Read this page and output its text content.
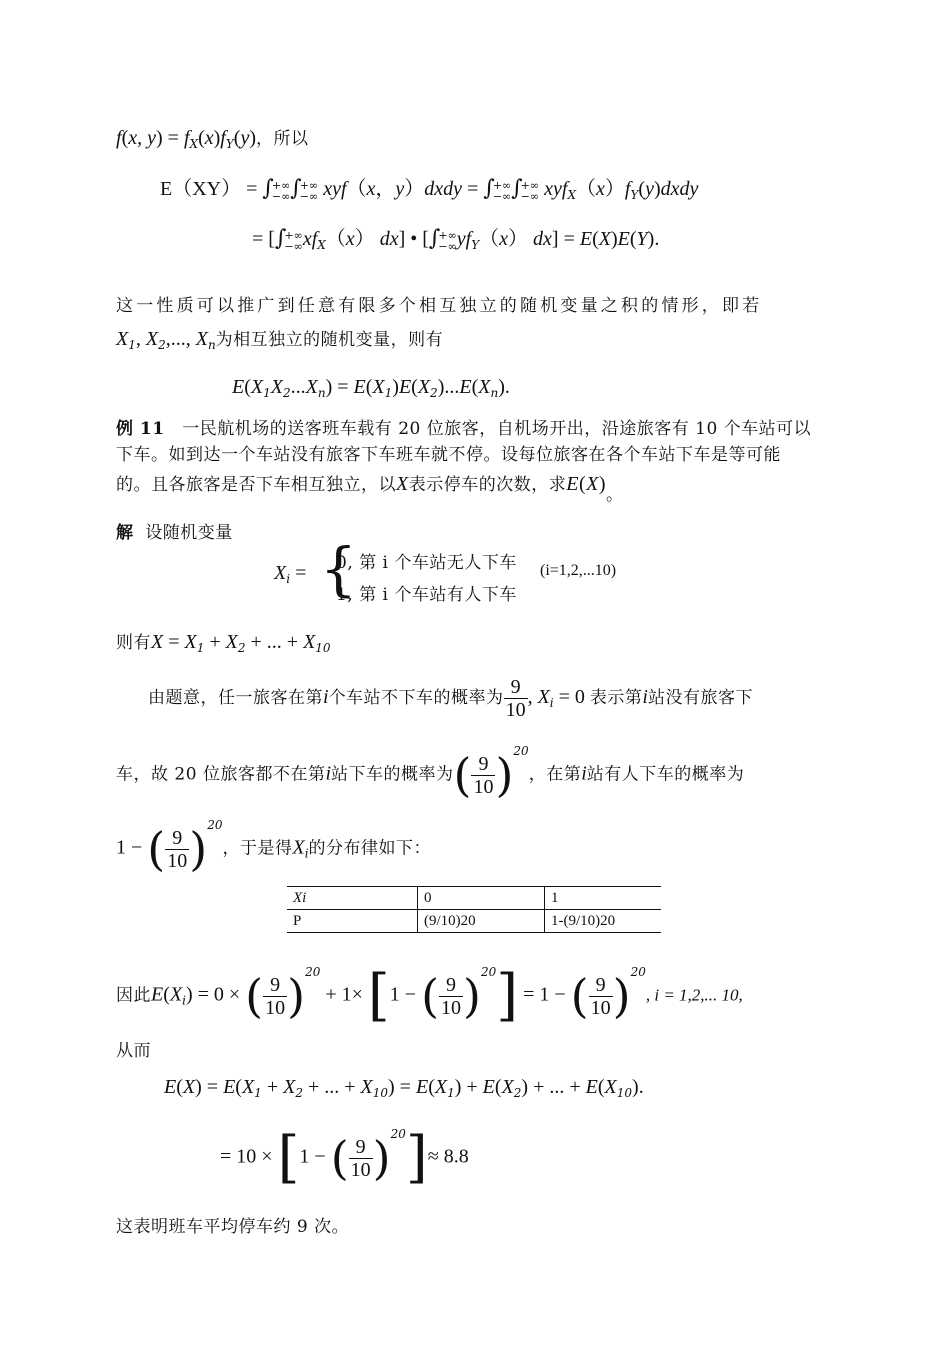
f(x, $y) = f_X(x)f_Y(y)$，所以
E（XY） = ∫+∞
−∞∫+∞
−∞ xyf（x，y）dxdy = ∫+∞
−∞∫+∞
−∞ $xyf_X(x)f_Y(y)dxdy$
= [∫+∞
$-\infty xf_X(x)$ dx] • [∫+∞
$-\infty yf_Y(x) dx] = E(X)E(Y)$.
这一性质可以推广到任意有限多个相互独立的随机变量之积的情形，即若
$X_1$, $X_2$,..., $X_n$为相互独立的随机变量，则有
$E(X_1X_2...X_n) = E(X_1)E(X_2)...E(X_n)$.
例 11 一民航机场的送客班车载有 20 位旅客，自机场开出，沿途旅客有 10 个车站可以
下车。如到达一个车站没有旅客下车班车就不停。设每位旅客在各个车站下车是等可能
的。且各旅客是否下车相互独立，以X表示停车的次数，求E(X)。
解 设随机变量
$X_i$ = {
0, 第 i 个车站无人下车
1, 第 i 个车站有人下车
(i=1,2,...10)
则有$X = X_1 + X_2$ + ... + $X_{10}$
由题意，任一旅客在第i个车站不下车的概率为 $\frac{9}{10}$ , $X_i = 0$ 表示第i站没有旅客下
车，故 20 位旅客都不在第i站下车的概率为( $\frac{9}{10} )^{20}$，在第i站有人下车的概率为
1 − ( $\frac{9}{10} )^{20}$，于是得$X_i$的分布律如下：
Xi	0	1
P	(9/10)20	1-(9/10)20
因此$E(X_i) = 0$ × ( $\frac{9}{10} )^{20} + 1\times [1$ − ( $\frac{9}{10} )^{20}] = 1$ − ( $\frac{9}{10} )^{20}$, i = 1,2,... 10,
从而
$E(X) = E(X_1 + X_2$ + ... + $X_{10}) = E(X_1) + E(X_2)$ + ... + $E(X_{10})$.
= 10 × [1 − ( $\frac{9}{10} )^{20}]\approx 8.8$
这表明班车平均停车约 9 次。
